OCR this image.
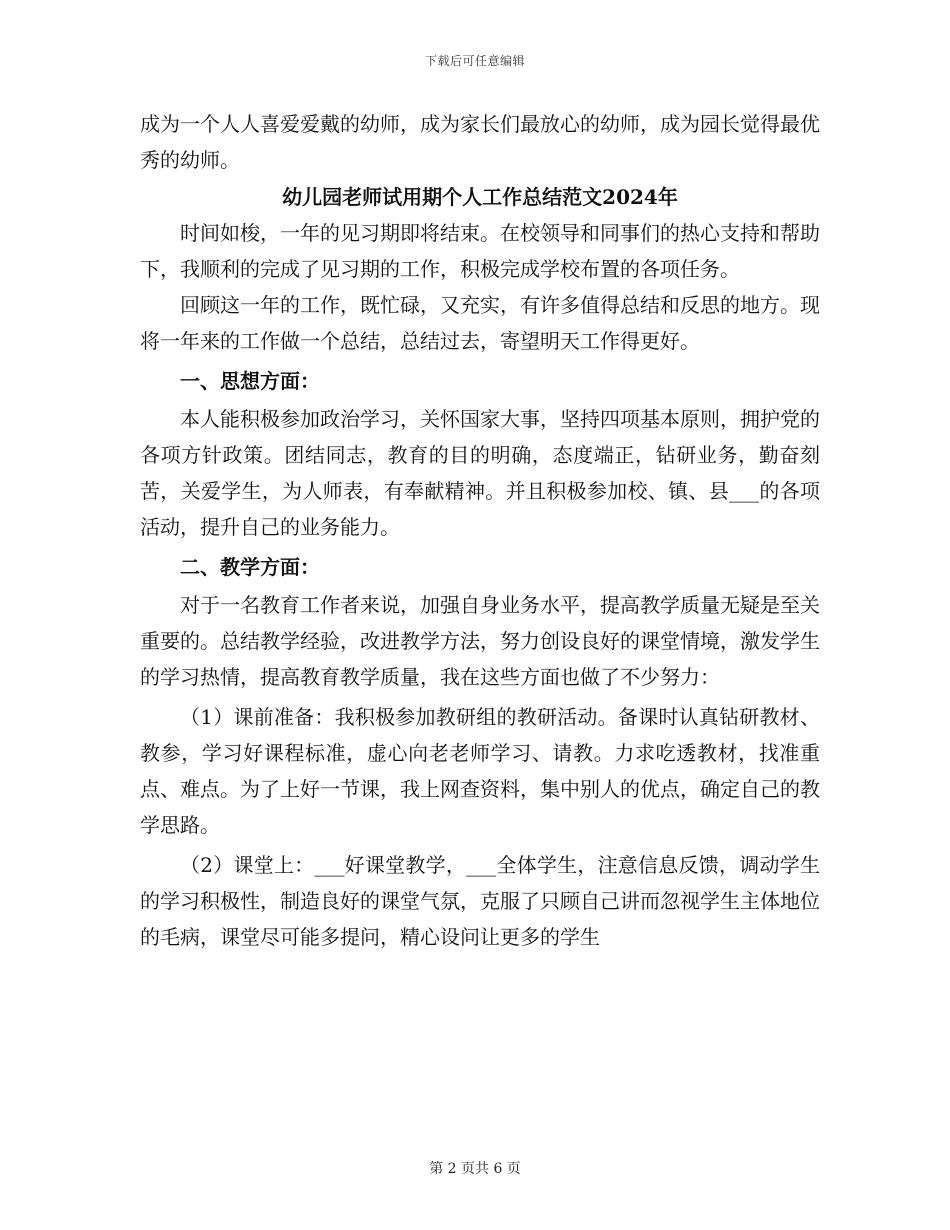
下载后可任意编辑

成为一个人人喜爱爱戴的幼师，成为家长们最放心的幼师，成为园长觉得最优秀的幼师。

幼儿园老师试用期个人工作总结范文2024年

时间如梭，一年的见习期即将结束。在校领导和同事们的热心支持和帮助下，我顺利的完成了见习期的工作，积极完成学校布置的各项任务。

回顾这一年的工作，既忙碌，又充实，有许多值得总结和反思的地方。现将一年来的工作做一个总结，总结过去，寄望明天工作得更好。

一、思想方面：

本人能积极参加政治学习，关怀国家大事，坚持四项基本原则，拥护党的各项方针政策。团结同志，教育的目的明确，态度端正，钻研业务，勤奋刻苦，关爱学生，为人师表，有奉献精神。并且积极参加校、镇、县___的各项活动，提升自己的业务能力。

二、教学方面：

对于一名教育工作者来说，加强自身业务水平，提高教学质量无疑是至关重要的。总结教学经验，改进教学方法，努力创设良好的课堂情境，激发学生的学习热情，提高教育教学质量，我在这些方面也做了不少努力：

（1）课前准备：我积极参加教研组的教研活动。备课时认真钻研教材、教参，学习好课程标准，虚心向老老师学习、请教。力求吃透教材，找准重点、难点。为了上好一节课，我上网查资料，集中别人的优点，确定自己的教学思路。

（2）课堂上：___好课堂教学，___全体学生，注意信息反馈，调动学生的学习积极性，制造良好的课堂气氛，克服了只顾自己讲而忽视学生主体地位的毛病，课堂尽可能多提问，精心设问让更多的学生

第 2 页共 6 页
